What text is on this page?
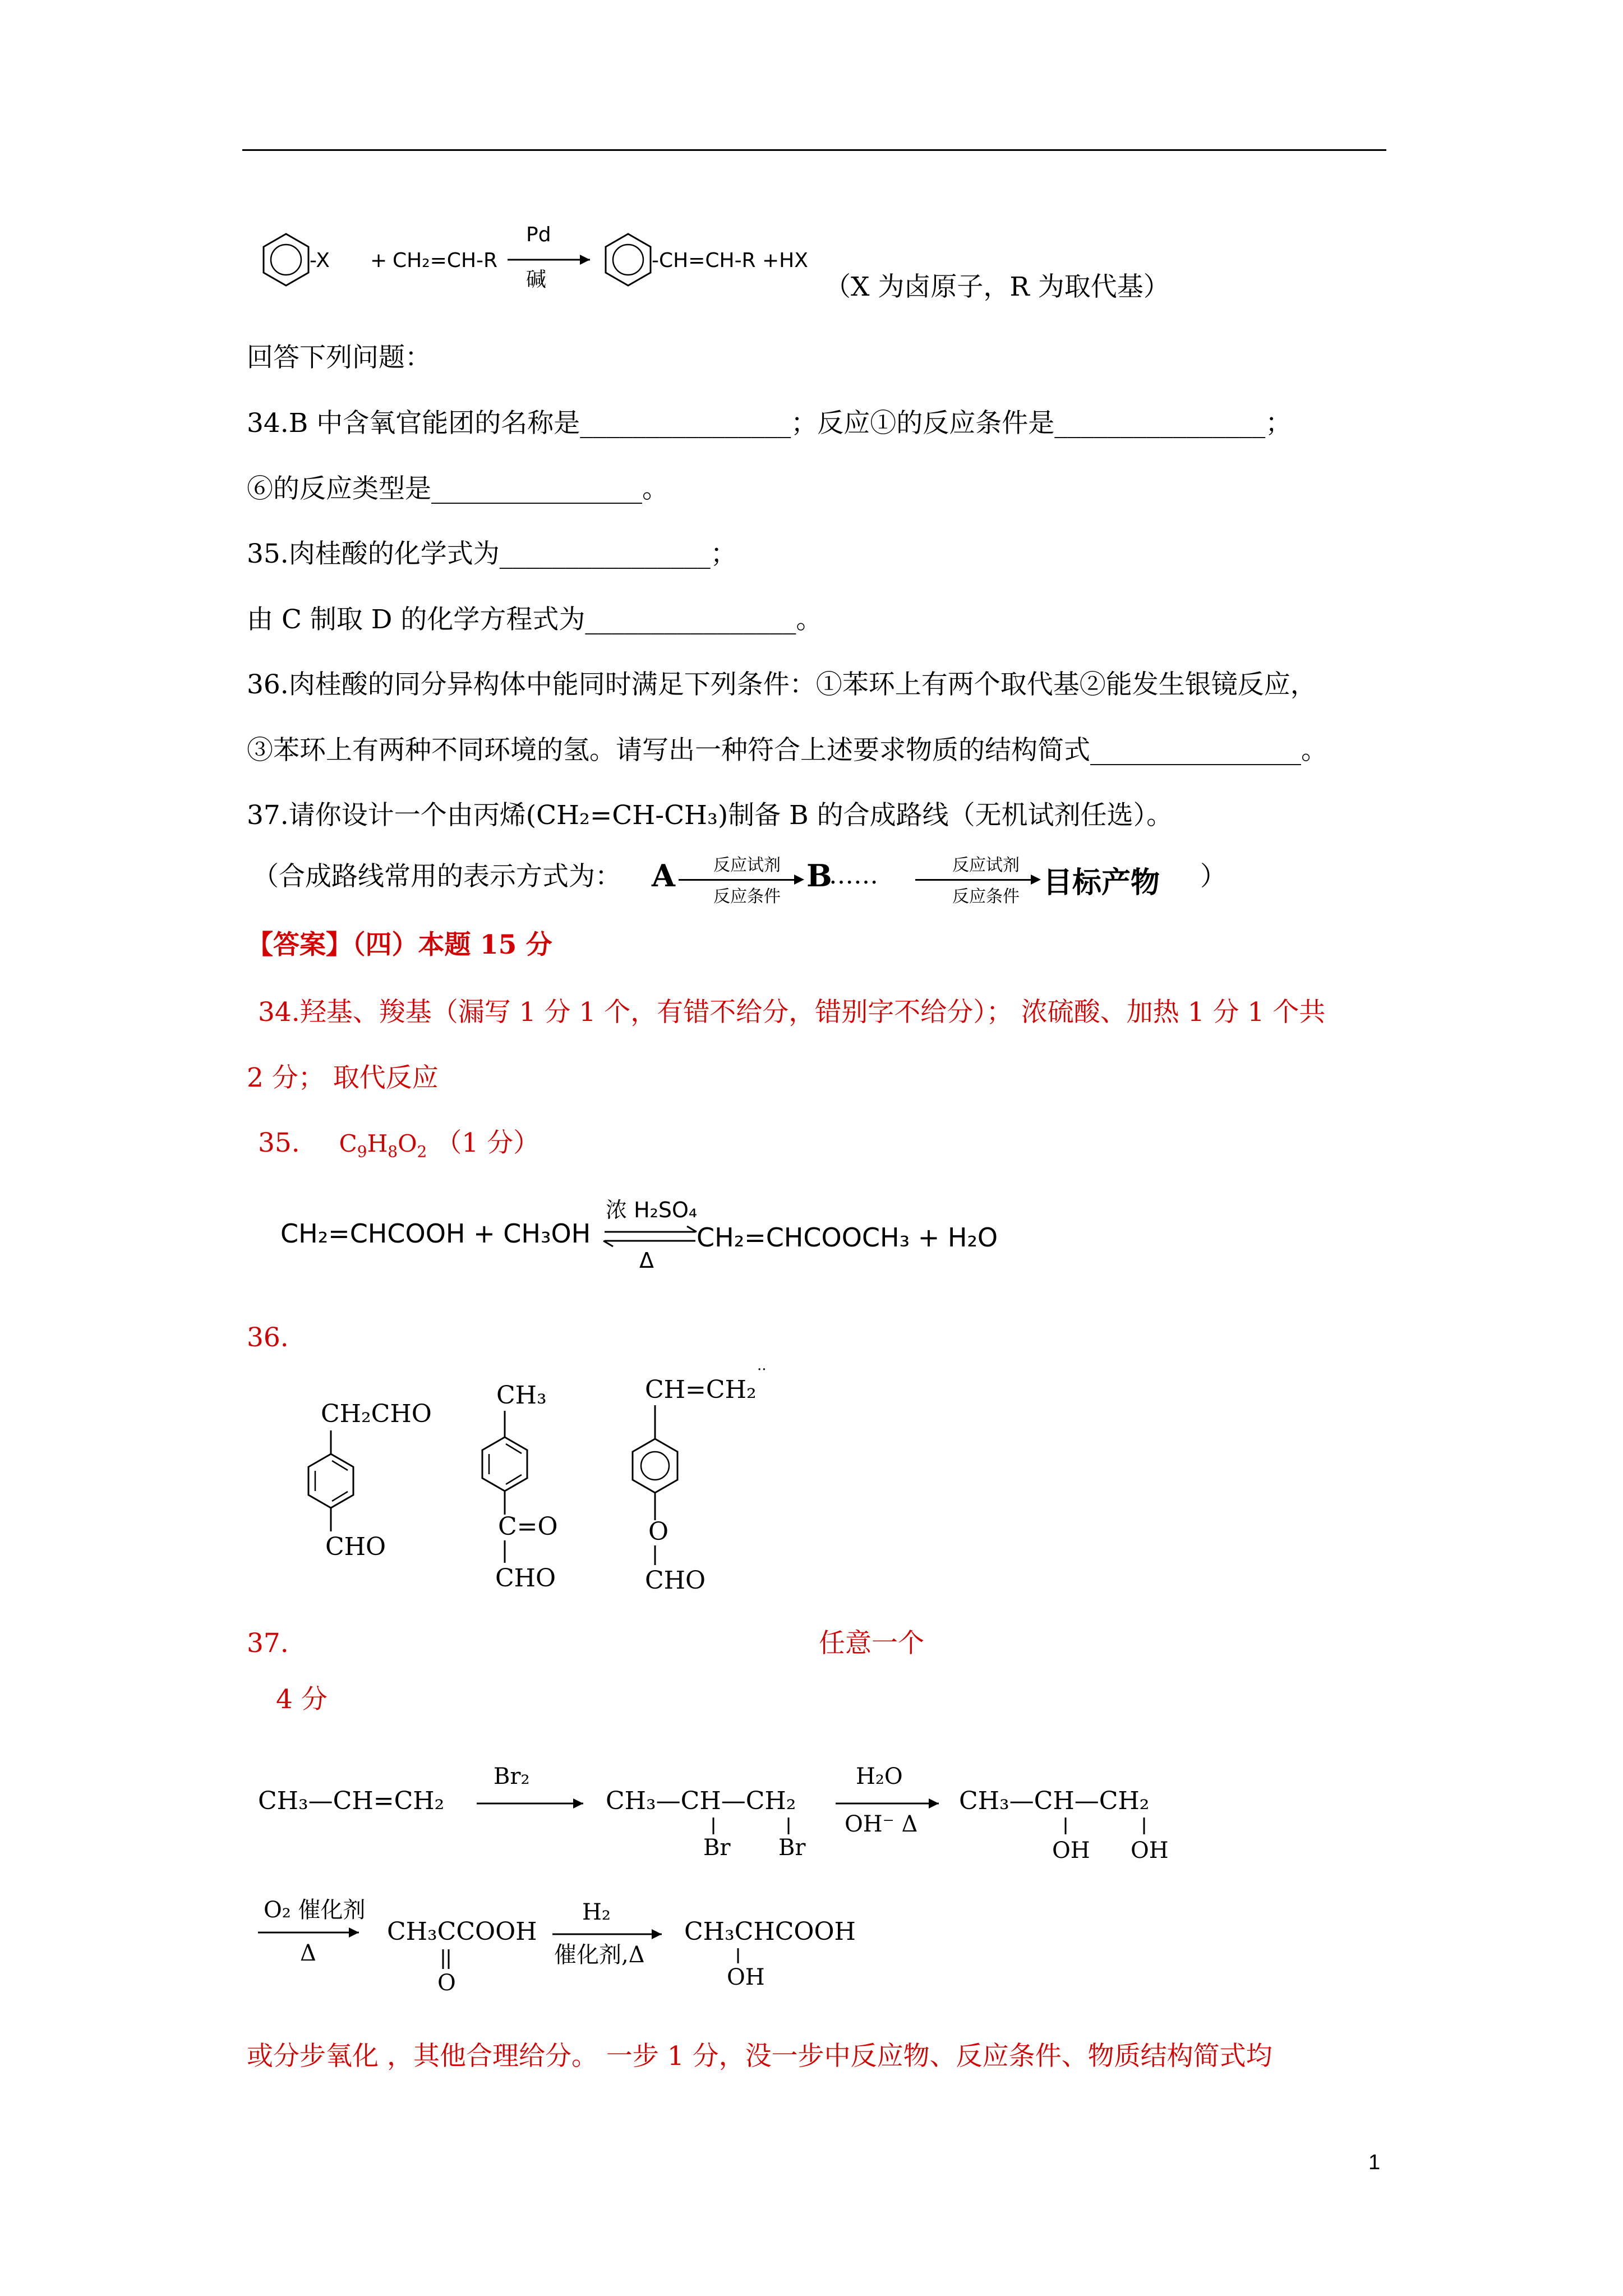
-X + CH₂=CH-R
Pd
碱
-CH=CH-R +HX
（X 为卤原子，R 为取代基）
回答下列问题：
34.B 中含氧官能团的名称是________________；反应①的反应条件是________________；
⑥的反应类型是________________。
35.肉桂酸的化学式为________________；
由 C 制取 D 的化学方程式为________________。
36.肉桂酸的同分异构体中能同时满足下列条件：①苯环上有两个取代基②能发生银镜反应，
③苯环上有两种不同环境的氢。请写出一种符合上述要求物质的结构简式________________。
37.请你设计一个由丙烯(CH₂=CH-CH₃)制备 B 的合成路线（无机试剂任选）。
（合成路线常用的表示方式为： A 反应试剂
反应条件
B
……	反应试剂
反应条件 目标产物 ）
【答案】（四）本题 15 分
34.羟基、羧基（漏写 1 分 1 个，有错不给分，错别字不给分）； 浓硫酸、加热 1 分 1 个共
2 分； 取代反应
35. $C_9H_8O_2$ （1 分）
CH₂=CHCOOH + CH₃OH
浓 H₂SO₄
Δ
CH₂=CHCOOCH₃ + H₂O
36.
CH₂CHO
CHO
CH₃
C=O
CHO
..
CH=CH₂
O
CHO
37.	任意一个
4 分
CH₃—CH=CH₂
Br₂
CH₃—CH—CH₂
Br Br
H₂O
OH⁻ Δ
CH₃—CH—CH₂
OH OH
O₂ 催化剂
Δ
CH₃CCOOH
O
H₂
催化剂,Δ
CH₃CHCOOH
OH
或分步氧化 ，其他合理给分。 一步 1 分，没一步中反应物、反应条件、物质结构简式均
1
